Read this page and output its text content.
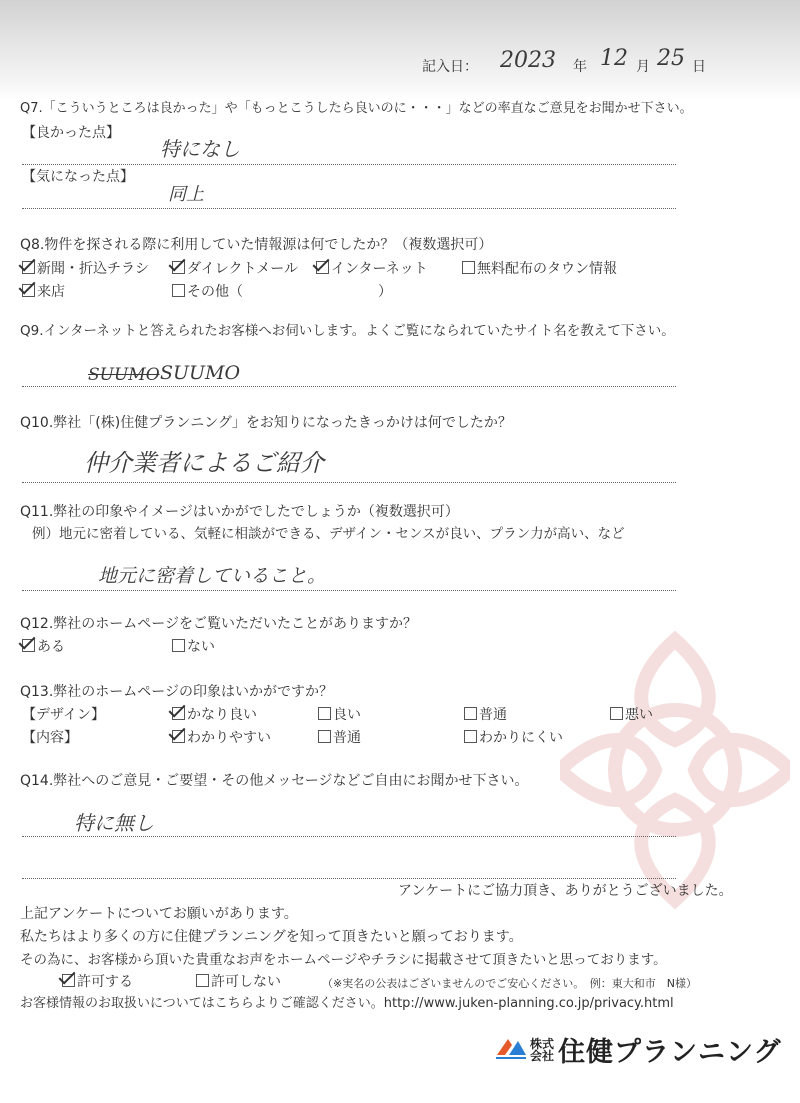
記入日： 2023 年 12 月 25 日
Q7.「こういうところは良かった」や「もっとこうしたら良いのに・・・」などの率直なご意見をお聞かせ下さい。
【良かった点】
特になし
【気になった点】
同上
Q8.物件を探される際に利用していた情報源は何でしたか？（複数選択可）
新聞・折込チラシ	ダイレクトメール	インターネット	無料配布のタウン情報
来店	その他（	）
Q9.インターネットと答えられたお客様へお伺いします。よくご覧になられていたサイト名を教えて下さい。
SUUMO SUUMO
Q10.弊社「(株)住健プランニング」をお知りになったきっかけは何でしたか？
仲介業者によるご紹介
Q11.弊社の印象やイメージはいかがでしたでしょうか（複数選択可）
例）地元に密着している、気軽に相談ができる、デザイン・センスが良い、プラン力が高い、など
地元に密着していること。
Q12.弊社のホームページをご覧いただいたことがありますか？
ある	ない
Q13.弊社のホームページの印象はいかがですか？
【デザイン】	かなり良い	良い	普通	悪い
【内容】	わかりやすい	普通	わかりにくい
Q14.弊社へのご意見・ご要望・その他メッセージなどご自由にお聞かせ下さい。
特に無し
アンケートにご協力頂き、ありがとうございました。
上記アンケートについてお願いがあります。
私たちはより多くの方に住健プランニングを知って頂きたいと願っております。
その為に、お客様から頂いた貴重なお声をホームページやチラシに掲載させて頂きたいと思っております。
許可する	許可しない	（※実名の公表はございませんのでご安心ください。　例：東大和市　N様）
お客様情報のお取扱いについてはこちらよりご確認ください。http://www.juken-planning.co.jp/privacy.html
株式
会社 住健プランニング
